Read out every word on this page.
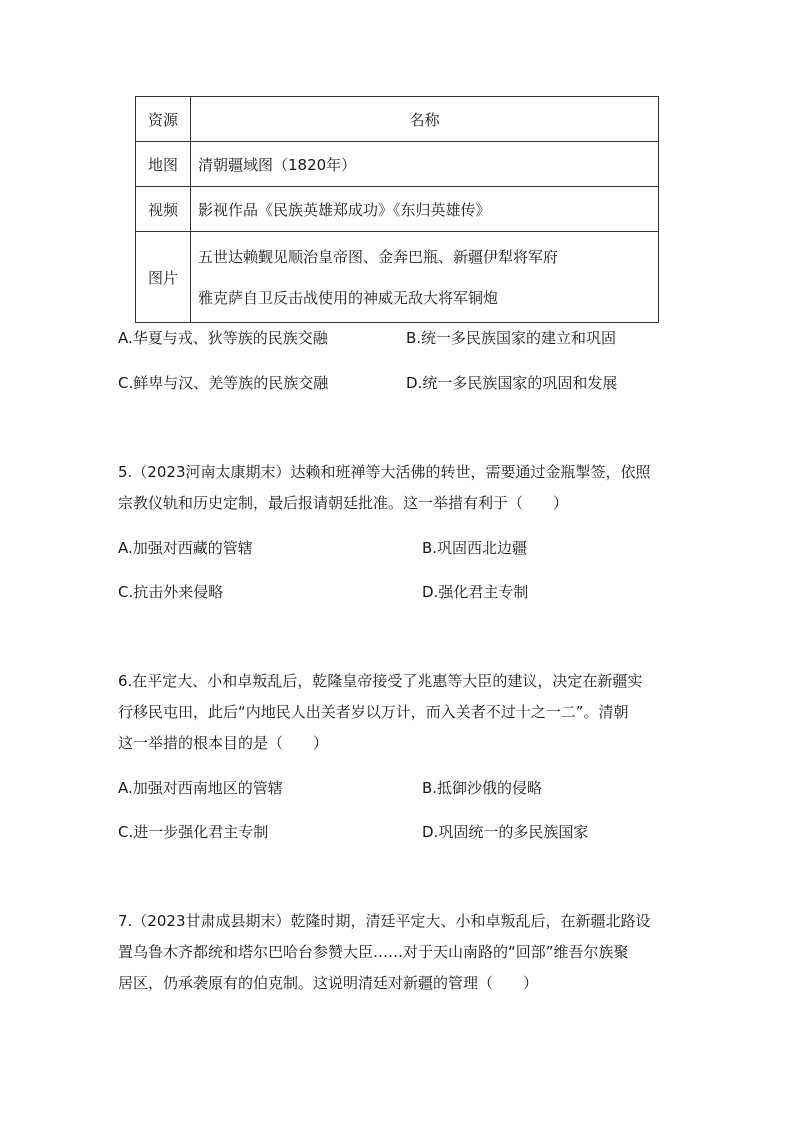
资源	名称
地图	清朝疆域图（1820年）
视频	影视作品《民族英雄郑成功》《东归英雄传》
图片	五世达赖觐见顺治皇帝图、金奔巴瓶、新疆伊犁将军府
雅克萨自卫反击战使用的神威无敌大将军铜炮
A.华夏与戎、狄等族的民族交融	B.统一多民族国家的建立和巩固
C.鲜卑与汉、羌等族的民族交融	D.统一多民族国家的巩固和发展
5.（2023河南太康期末）达赖和班禅等大活佛的转世，需要通过金瓶掣签，依照
宗教仪轨和历史定制，最后报请朝廷批准。这一举措有利于（　　）
A.加强对西藏的管辖	B.巩固西北边疆
C.抗击外来侵略	D.强化君主专制
6.在平定大、小和卓叛乱后，乾隆皇帝接受了兆惠等大臣的建议，决定在新疆实
行移民屯田，此后“内地民人出关者岁以万计，而入关者不过十之一二”。清朝
这一举措的根本目的是（　　）
A.加强对西南地区的管辖	B.抵御沙俄的侵略
C.进一步强化君主专制	D.巩固统一的多民族国家
7.（2023甘肃成县期末）乾隆时期，清廷平定大、小和卓叛乱后，在新疆北路设
置乌鲁木齐都统和塔尔巴哈台参赞大臣……对于天山南路的“回部”维吾尔族聚
居区，仍承袭原有的伯克制。这说明清廷对新疆的管理（　　）
